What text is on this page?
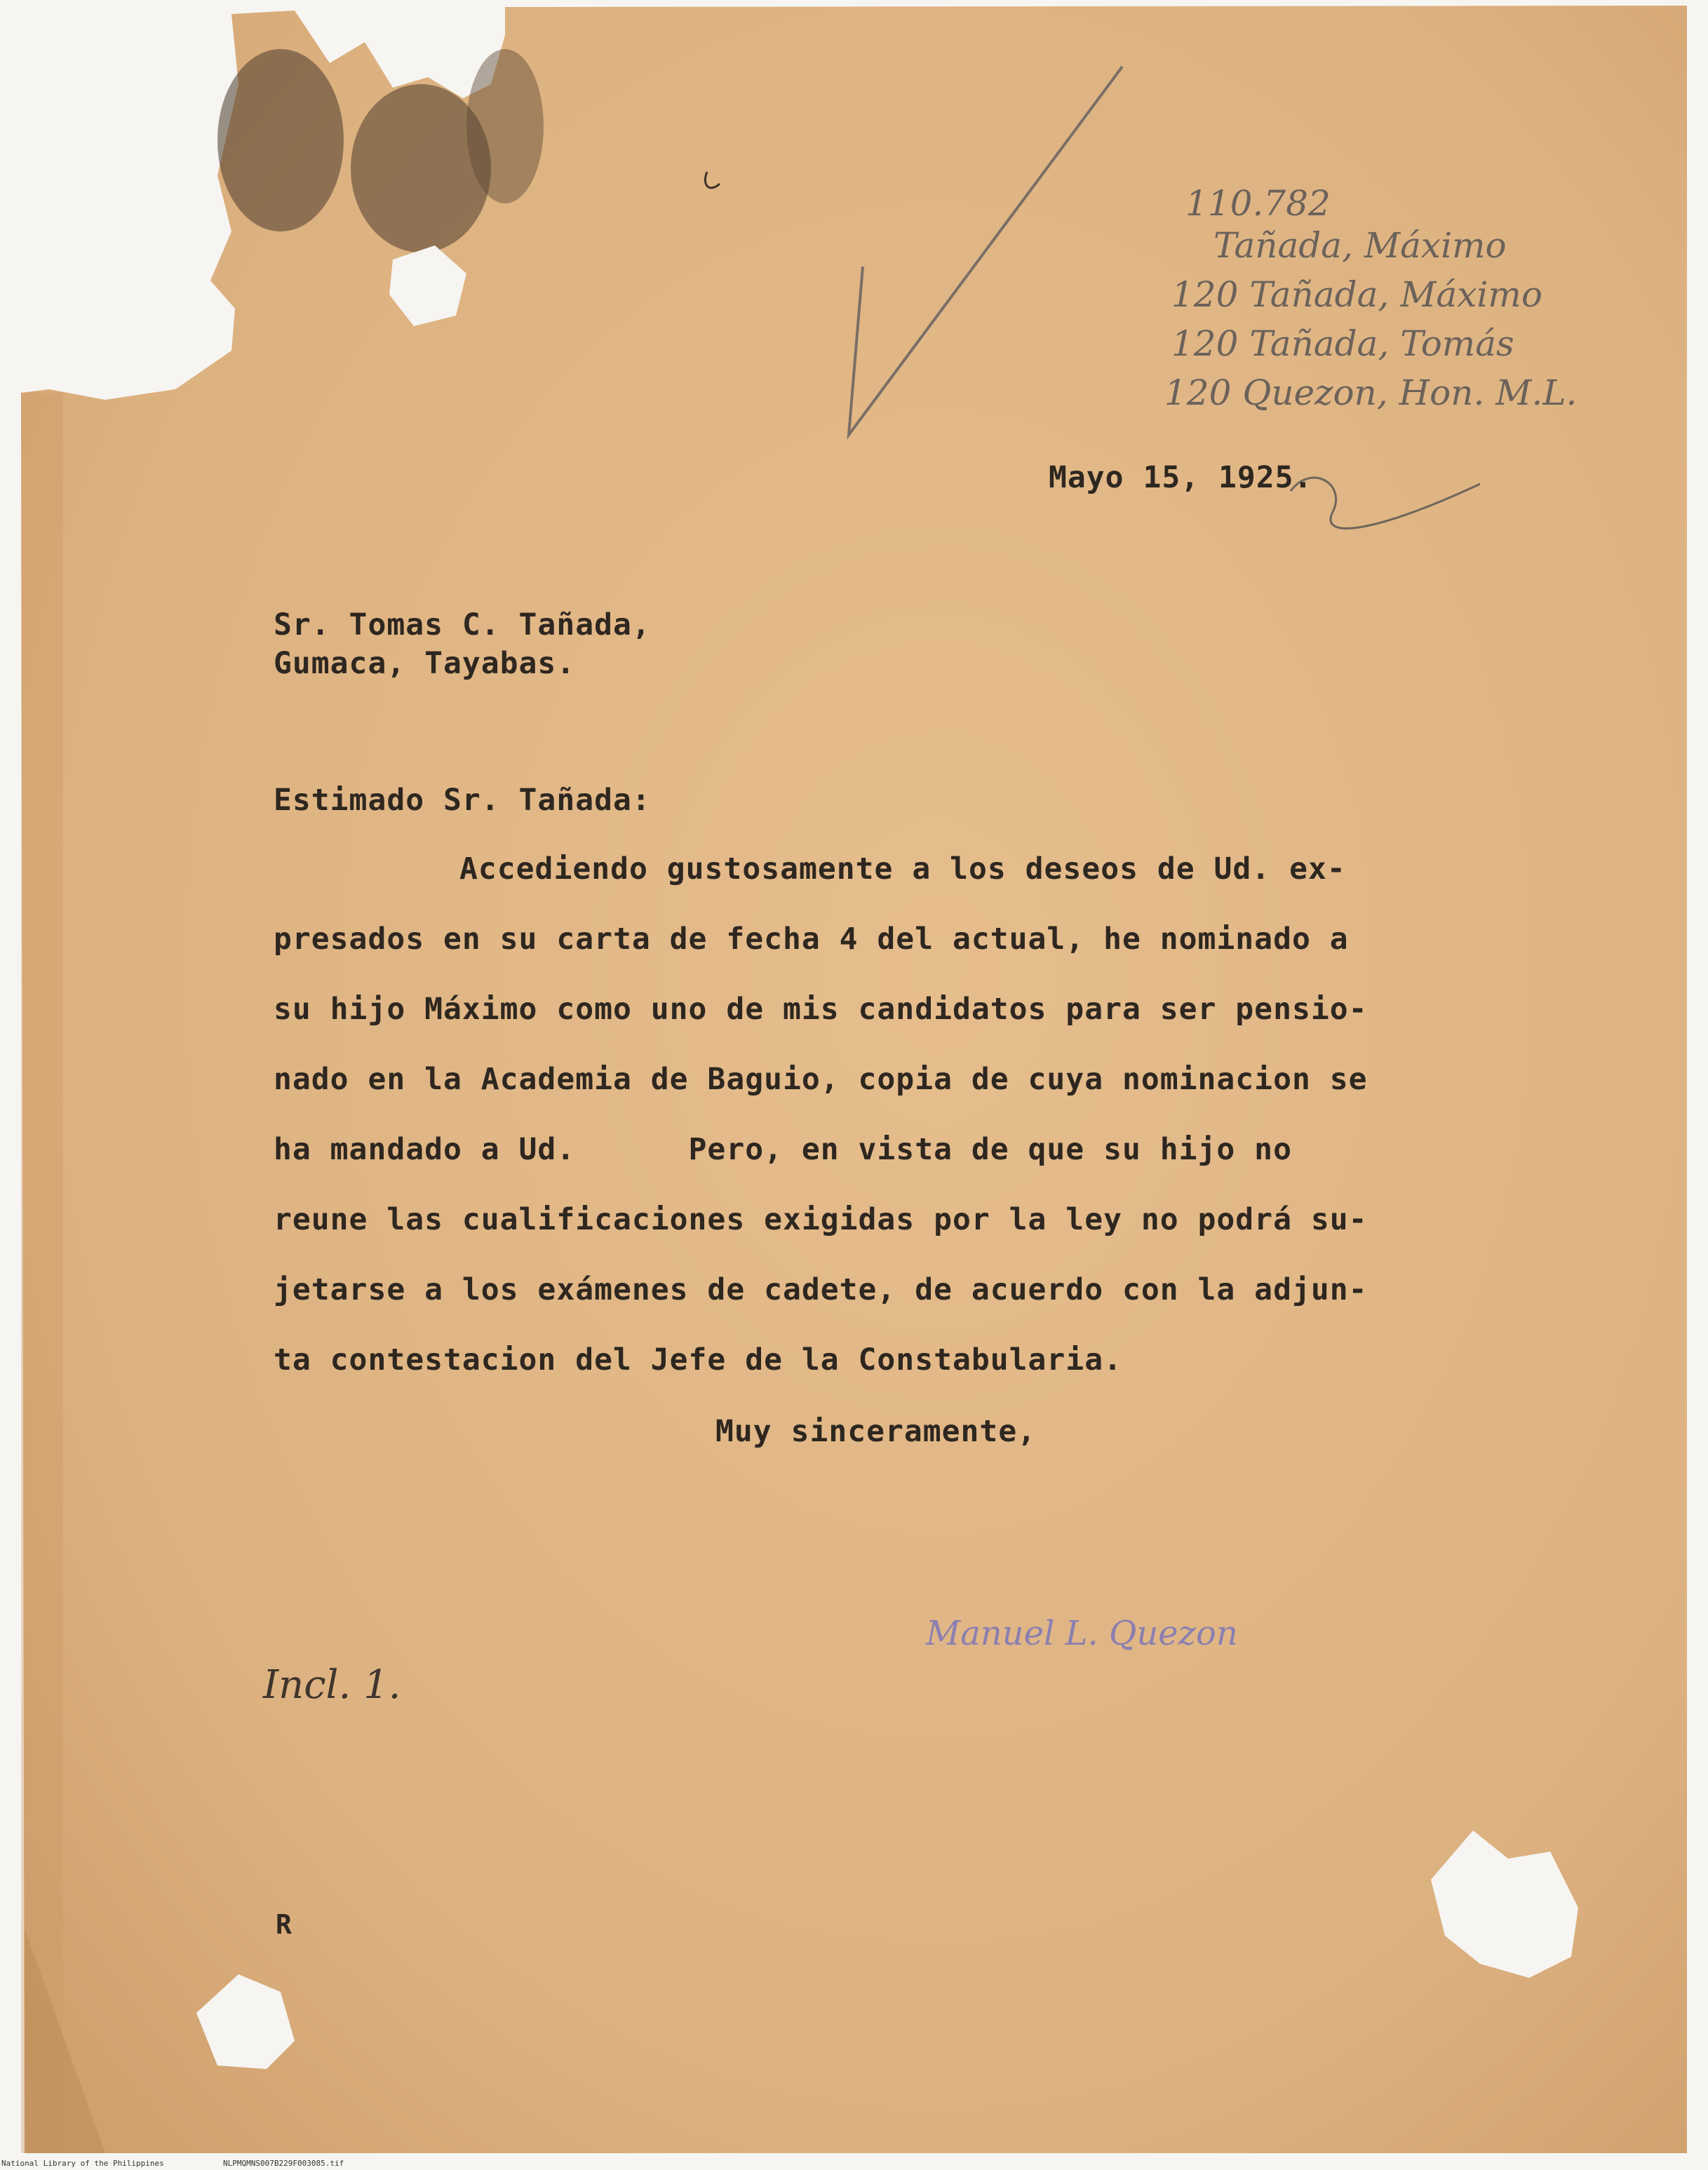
110.782
Tañada, Máximo
120 Tañada, Máximo
120 Tañada, Tomás
120 Quezon, Hon. M.L.
Mayo 15, 1925.
Sr. Tomas C. Tañada,
Gumaca, Tayabas.
Estimado Sr. Tañada:
Accediendo gustosamente a los deseos de Ud. ex-
presados en su carta de fecha 4 del actual, he nominado a
su hijo Máximo como uno de mis candidatos para ser pensio-
nado en la Academia de Baguio, copia de cuya nominacion se
ha mandado a Ud.      Pero, en vista de que su hijo no
reune las cualificaciones exigidas por la ley no podrá su-
jetarse a los exámenes de cadete, de acuerdo con la adjun-
ta contestacion del Jefe de la Constabularia.
Muy sinceramente,
Manuel L. Quezon
Incl. 1.
R
National Library of the Philippines	NLPMQMNS007B229F003085.tif
